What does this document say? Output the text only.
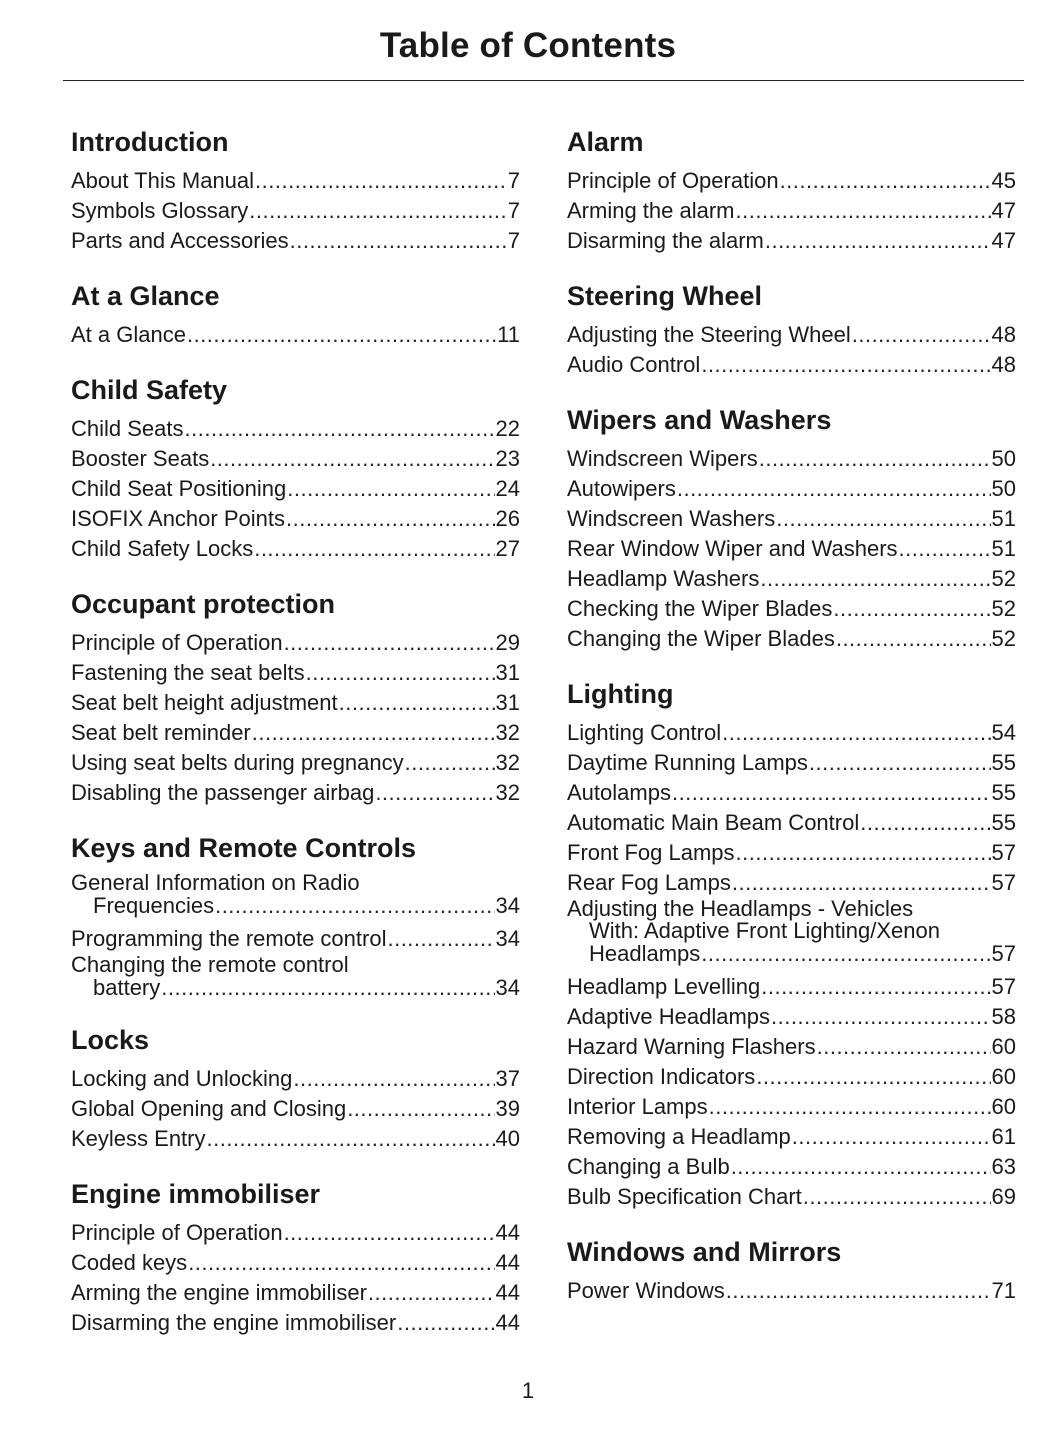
Table of Contents
Introduction
About This Manual .....	7
Symbols Glossary .....	7
Parts and Accessories .....	7
At a Glance
At a Glance .....	11
Child Safety
Child Seats .....	22
Booster Seats .....	23
Child Seat Positioning .....	24
ISOFIX Anchor Points .....	26
Child Safety Locks .....	27
Occupant protection
Principle of Operation .....	29
Fastening the seat belts .....	31
Seat belt height adjustment .....	31
Seat belt reminder .....	32
Using seat belts during pregnancy .....	32
Disabling the passenger airbag .....	32
Keys and Remote Controls
General Information on Radio
Frequencies .....	34
Programming the remote control .....	34
Changing the remote control
battery .....	34
Locks
Locking and Unlocking .....	37
Global Opening and Closing .....	39
Keyless Entry .....	40
Engine immobiliser
Principle of Operation .....	44
Coded keys .....	44
Arming the engine immobiliser .....	44
Disarming the engine immobiliser .....	44
Alarm
Principle of Operation .....	45
Arming the alarm .....	47
Disarming the alarm .....	47
Steering Wheel
Adjusting the Steering Wheel .....	48
Audio Control .....	48
Wipers and Washers
Windscreen Wipers .....	50
Autowipers .....	50
Windscreen Washers .....	51
Rear Window Wiper and Washers .....	51
Headlamp Washers .....	52
Checking the Wiper Blades .....	52
Changing the Wiper Blades .....	52
Lighting
Lighting Control .....	54
Daytime Running Lamps .....	55
Autolamps .....	55
Automatic Main Beam Control .....	55
Front Fog Lamps .....	57
Rear Fog Lamps .....	57
Adjusting the Headlamps - Vehicles
With: Adaptive Front Lighting/Xenon
Headlamps .....	57
Headlamp Levelling .....	57
Adaptive Headlamps .....	58
Hazard Warning Flashers .....	60
Direction Indicators .....	60
Interior Lamps .....	60
Removing a Headlamp .....	61
Changing a Bulb .....	63
Bulb Specification Chart .....	69
Windows and Mirrors
Power Windows .....	71
1
